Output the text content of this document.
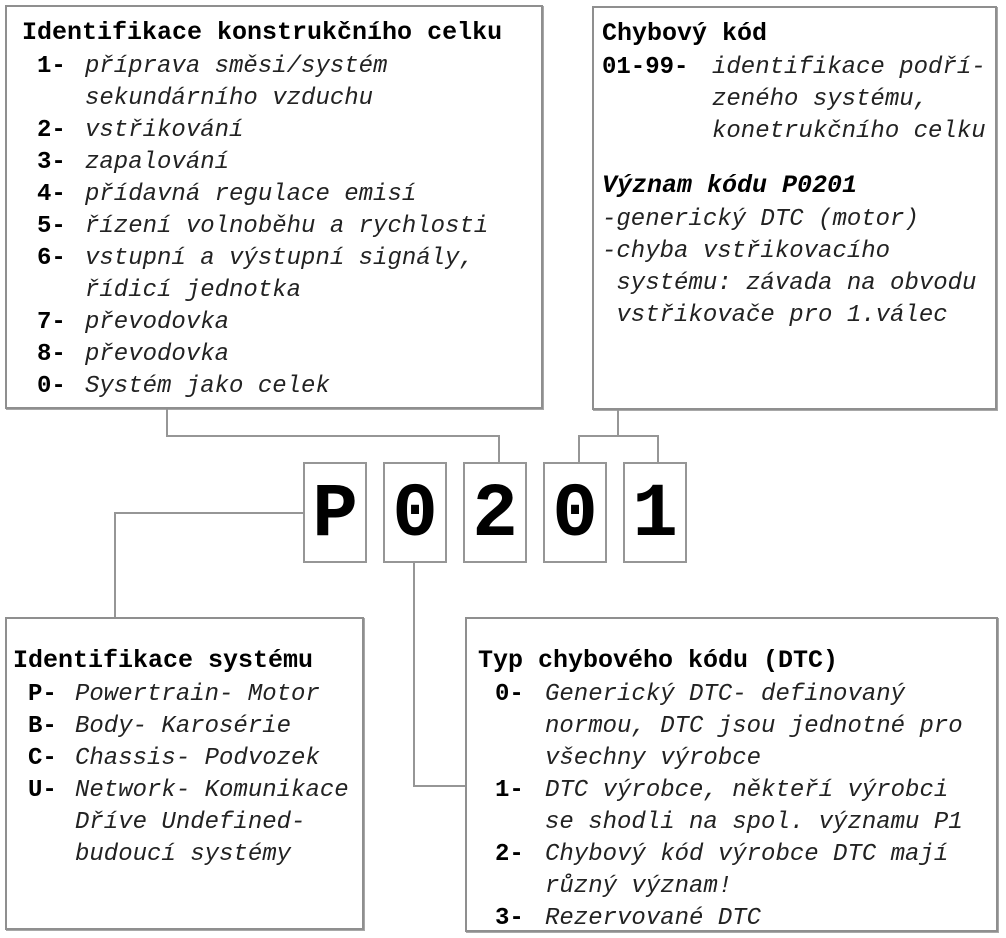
Identifikace konstrukčního celku
1- příprava směsi/systém
sekundárního vzduchu
2- vstřikování
3- zapalování
4- přídavná regulace emisí
5- řízení volnoběhu a rychlosti
6- vstupní a výstupní signály,
řídicí jednotka
7- převodovka
8- převodovka
0- Systém jako celek
Chybový kód
01-99- identifikace podří-
zeného systému,
konetrukčního celku
Význam kódu P0201
-generický DTC (motor)
-chyba vstřikovacího
systému: závada na obvodu
vstřikovače pro 1.válec
P 0 2 0 1
Identifikace systému
P- Powertrain- Motor
B- Body- Karosérie
C- Chassis- Podvozek
U- Network- Komunikace
Dříve Undefined-
budoucí systémy
Typ chybového kódu (DTC)
0- Generický DTC- definovaný
normou, DTC jsou jednotné pro
všechny výrobce
1- DTC výrobce, někteří výrobci
se shodli na spol. významu P1
2- Chybový kód výrobce DTC mají
různý význam!
3- Rezervované DTC
